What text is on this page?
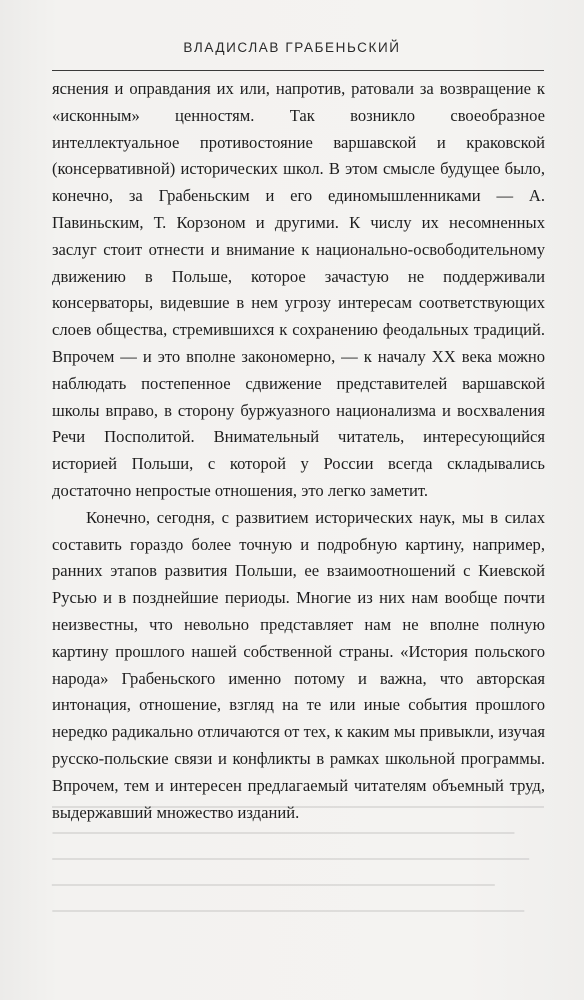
ВЛАДИСЛАВ ГРАБЕНЬСКИЙ

яснения и оправдания их или, напротив, ратовали за возвращение к «исконным» ценностям. Так возникло своеобразное интеллектуальное противостояние варшавской и краковской (консервативной) исторических школ. В этом смысле будущее было, конечно, за Грабеньским и его единомышленниками — А. Павиньским, Т. Корзоном и другими. К числу их несомненных заслуг стоит отнести и внимание к национально-освободительному движению в Польше, которое зачастую не поддерживали консерваторы, видевшие в нем угрозу интересам соответствующих слоев общества, стремившихся к сохранению феодальных традиций. Впрочем — и это вполне закономерно, — к началу XX века можно наблюдать постепенное сдвижение представителей варшавской школы вправо, в сторону буржуазного национализма и восхваления Речи Посполитой. Внимательный читатель, интересующийся историей Польши, с которой у России всегда складывались достаточно непростые отношения, это легко заметит.

Конечно, сегодня, с развитием исторических наук, мы в силах составить гораздо более точную и подробную картину, например, ранних этапов развития Польши, ее взаимоотношений с Киевской Русью и в позднейшие периоды. Многие из них нам вообще почти неизвестны, что невольно представляет нам не вполне полную картину прошлого нашей собственной страны. «История польского народа» Грабеньского именно потому и важна, что авторская интонация, отношение, взгляд на те или иные события прошлого нередко радикально отличаются от тех, к каким мы привыкли, изучая русско-польские связи и конфликты в рамках школьной программы. Впрочем, тем и интересен предлагаемый читателям объемный труд, выдержавший множество изданий.
